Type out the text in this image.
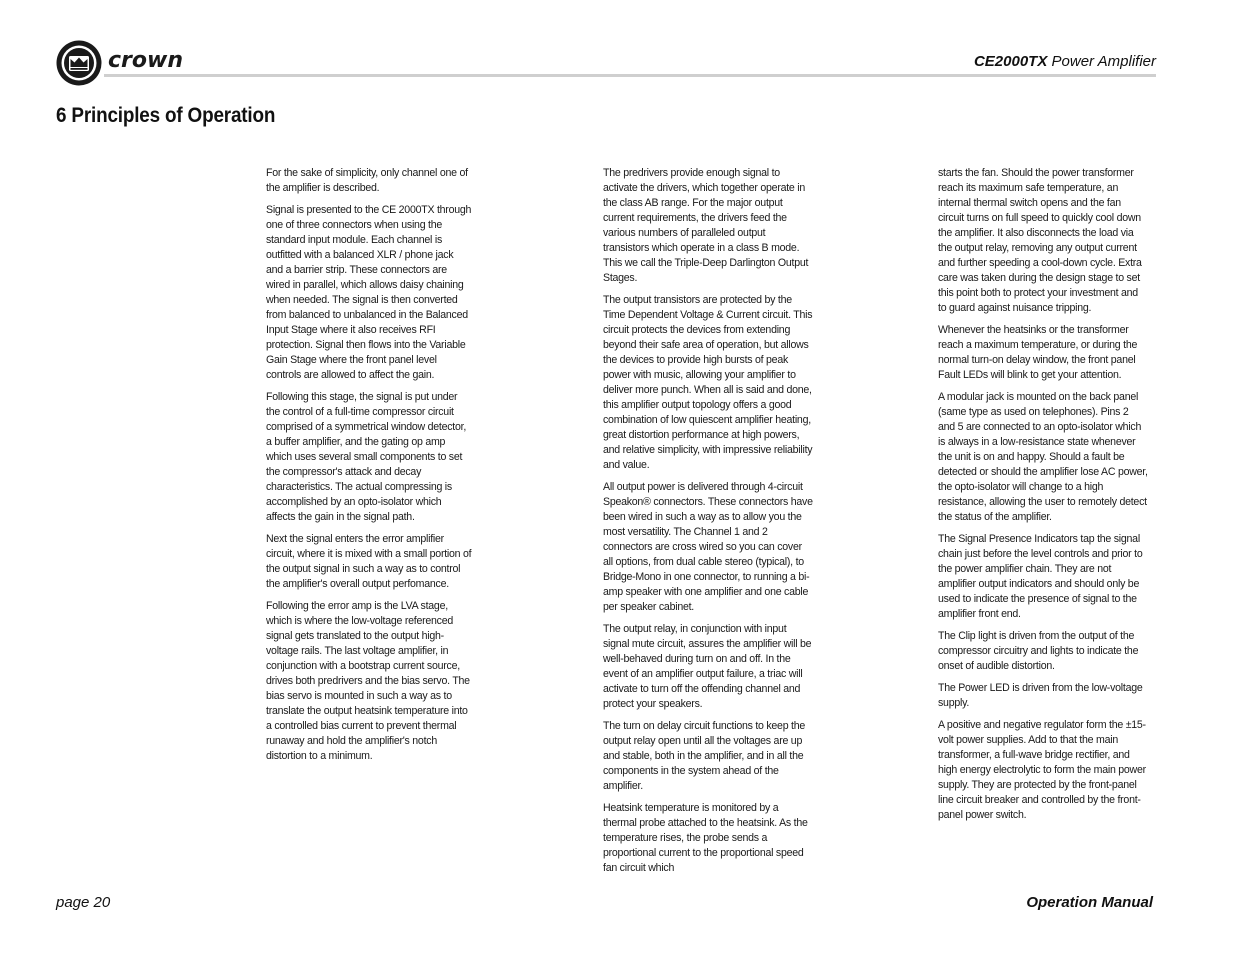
crown	CE2000TX Power Amplifier
6 Principles of Operation

For the sake of simplicity, only channel one of the amplifier is described.

Signal is presented to the CE 2000TX through one of three connectors when using the standard input module. Each channel is outfitted with a balanced XLR / phone jack and a barrier strip. These connectors are wired in parallel, which allows daisy chaining when needed. The signal is then converted from balanced to unbalanced in the Balanced Input Stage where it also receives RFI protection. Signal then flows into the Variable Gain Stage where the front panel level controls are allowed to affect the gain.

Following this stage, the signal is put under the control of a full-time compressor circuit comprised of a symmetrical window detector, a buffer amplifier, and the gating op amp which uses several small components to set the compressor's attack and decay characteristics. The actual compressing is accomplished by an opto-isolator which affects the gain in the signal path.

Next the signal enters the error amplifier circuit, where it is mixed with a small portion of the output signal in such a way as to control the amplifier's overall output perfomance.

Following the error amp is the LVA stage, which is where the low-voltage referenced signal gets translated to the output high-voltage rails. The last voltage amplifier, in conjunction with a bootstrap current source, drives both predrivers and the bias servo. The bias servo is mounted in such a way as to translate the output heatsink temperature into a controlled bias current to prevent thermal runaway and hold the amplifier's notch distortion to a minimum.

The predrivers provide enough signal to activate the drivers, which together operate in the class AB range. For the major output current requirements, the drivers feed the various numbers of paralleled output transistors which operate in a class B mode. This we call the Triple-Deep Darlington Output Stages.

The output transistors are protected by the Time Dependent Voltage & Current circuit. This circuit protects the devices from extending beyond their safe area of operation, but allows the devices to provide high bursts of peak power with music, allowing your amplifier to deliver more punch. When all is said and done, this amplifier output topology offers a good combination of low quiescent amplifier heating, great distortion performance at high powers, and relative simplicity, with impressive reliability and value.

All output power is delivered through 4-circuit Speakon® connectors. These connectors have been wired in such a way as to allow you the most versatility. The Channel 1 and 2 connectors are cross wired so you can cover all options, from dual cable stereo (typical), to Bridge-Mono in one connector, to running a bi-amp speaker with one amplifier and one cable per speaker cabinet.

The output relay, in conjunction with input signal mute circuit, assures the amplifier will be well-behaved during turn on and off. In the event of an amplifier output failure, a triac will activate to turn off the offending channel and protect your speakers.

The turn on delay circuit functions to keep the output relay open until all the voltages are up and stable, both in the amplifier, and in all the components in the system ahead of the amplifier.

Heatsink temperature is monitored by a thermal probe attached to the heatsink. As the temperature rises, the probe sends a proportional current to the proportional speed fan circuit which

starts the fan. Should the power transformer reach its maximum safe temperature, an internal thermal switch opens and the fan circuit turns on full speed to quickly cool down the amplifier. It also disconnects the load via the output relay, removing any output current and further speeding a cool-down cycle. Extra care was taken during the design stage to set this point both to protect your investment and to guard against nuisance tripping.

Whenever the heatsinks or the transformer reach a maximum temperature, or during the normal turn-on delay window, the front panel Fault LEDs will blink to get your attention.

A modular jack is mounted on the back panel (same type as used on telephones). Pins 2 and 5 are connected to an opto-isolator which is always in a low-resistance state whenever the unit is on and happy. Should a fault be detected or should the amplifier lose AC power, the opto-isolator will change to a high resistance, allowing the user to remotely detect the status of the amplifier.

The Signal Presence Indicators tap the signal chain just before the level controls and prior to the power amplifier chain. They are not amplifier output indicators and should only be used to indicate the presence of signal to the amplifier front end.

The Clip light is driven from the output of the compressor circuitry and lights to indicate the onset of audible distortion.

The Power LED is driven from the low-voltage supply.

A positive and negative regulator form the ±15-volt power supplies. Add to that the main transformer, a full-wave bridge rectifier, and high energy electrolytic to form the main power supply. They are protected by the front-panel line circuit breaker and controlled by the front-panel power switch.

page 20	Operation Manual
